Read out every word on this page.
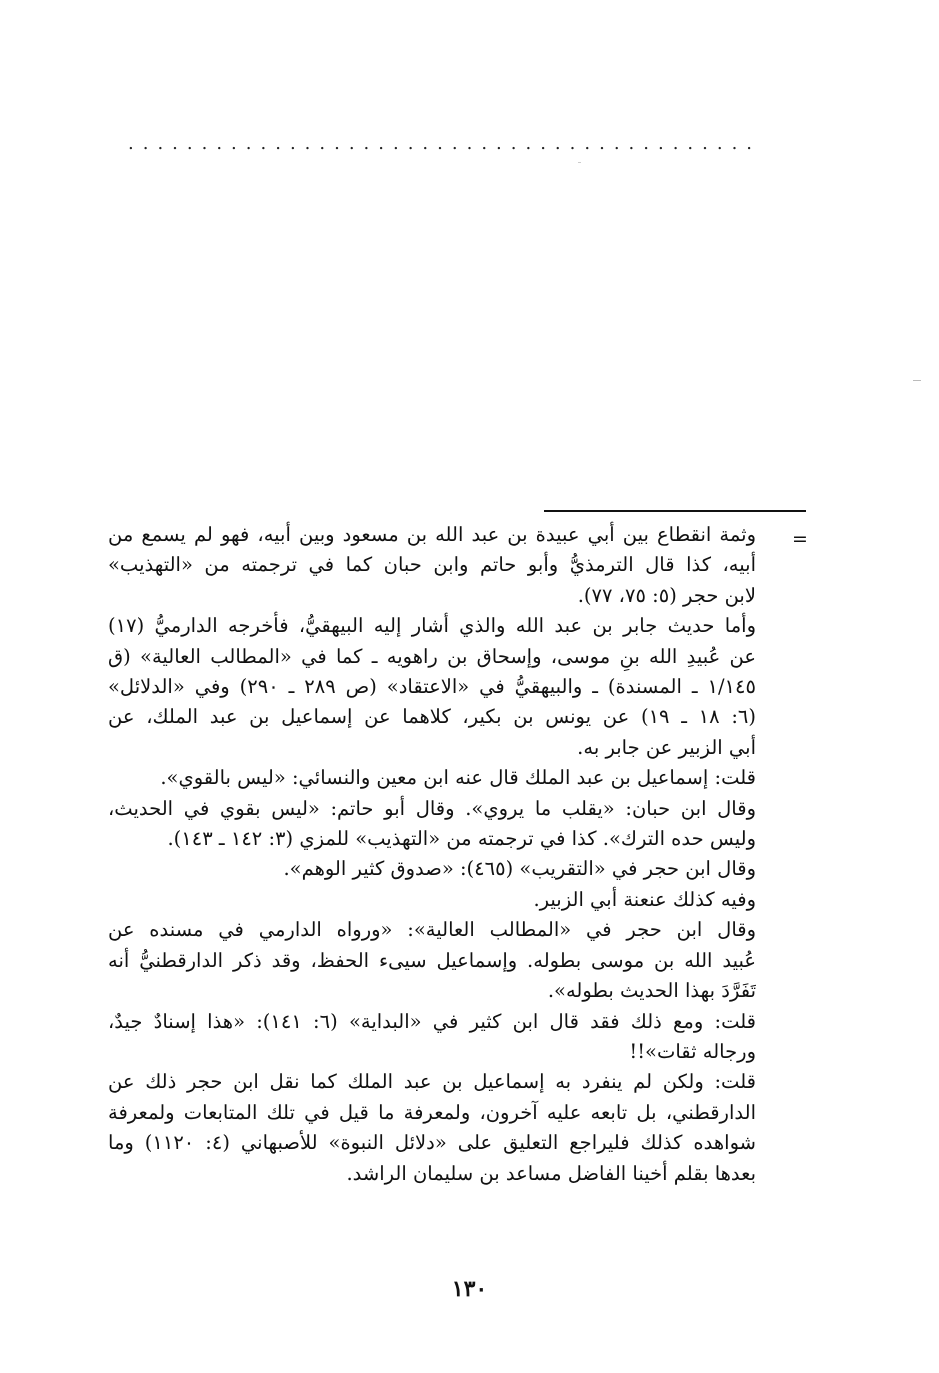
...........................................
=
وثمة انقطاع بين أبي عبيدة بن عبد الله بن مسعود وبين أبيه، فهو لم يسمع من
أبيه، كذا قال الترمذيُّ وأبو حاتم وابن حبان كما في ترجمته من «التهذيب»
لابن حجر (٥: ٧٥، ٧٧).
وأما حديث جابر بن عبد الله والذي أشار إليه البيهقيُّ، فأخرجه الدارميُّ (١٧)
عن عُبيدِ الله بنِ موسى، وإسحاق بن راهويه ـ كما في «المطالب العالية» (ق
١/١٤٥ ـ المسندة) ـ والبيهقيُّ في «الاعتقاد» (ص ٢٨٩ ـ ٢٩٠) وفي «الدلائل»
(٦: ١٨ ـ ١٩) عن يونس بن بكير، كلاهما عن إسماعيل بن عبد الملك، عن
أبي الزبير عن جابر به.
قلت: إسماعيل بن عبد الملك قال عنه ابن معين والنسائي: «ليس بالقوي».
وقال ابن حبان: «يقلب ما يروي». وقال أبو حاتم: «ليس بقوي في الحديث،
وليس حده الترك». كذا في ترجمته من «التهذيب» للمزي (٣: ١٤٢ ـ ١٤٣).
وقال ابن حجر في «التقريب» (٤٦٥): «صدوق كثير الوهم».
وفيه كذلك عنعنة أبي الزبير.
وقال ابن حجر في «المطالب العالية»: «ورواه الدارمي في مسنده عن
عُبيد الله بن موسى بطوله. وإسماعيل سيىء الحفظ، وقد ذكر الدارقطنيُّ أنه
تَفَرَّدَ بهذا الحديث بطوله».
قلت: ومع ذلك فقد قال ابن كثير في «البداية» (٦: ١٤١): «هذا إسنادٌ جيدٌ،
ورجاله ثقات»!!
قلت: ولكن لم ينفرد به إسماعيل بن عبد الملك كما نقل ابن حجر ذلك عن
الدارقطني، بل تابعه عليه آخرون، ولمعرفة ما قيل في تلك المتابعات ولمعرفة
شواهده كذلك فليراجع التعليق على «دلائل النبوة» للأصبهاني (٤: ١١٢٠) وما
بعدها بقلم أخينا الفاضل مساعد بن سليمان الراشد.
١٣٠
